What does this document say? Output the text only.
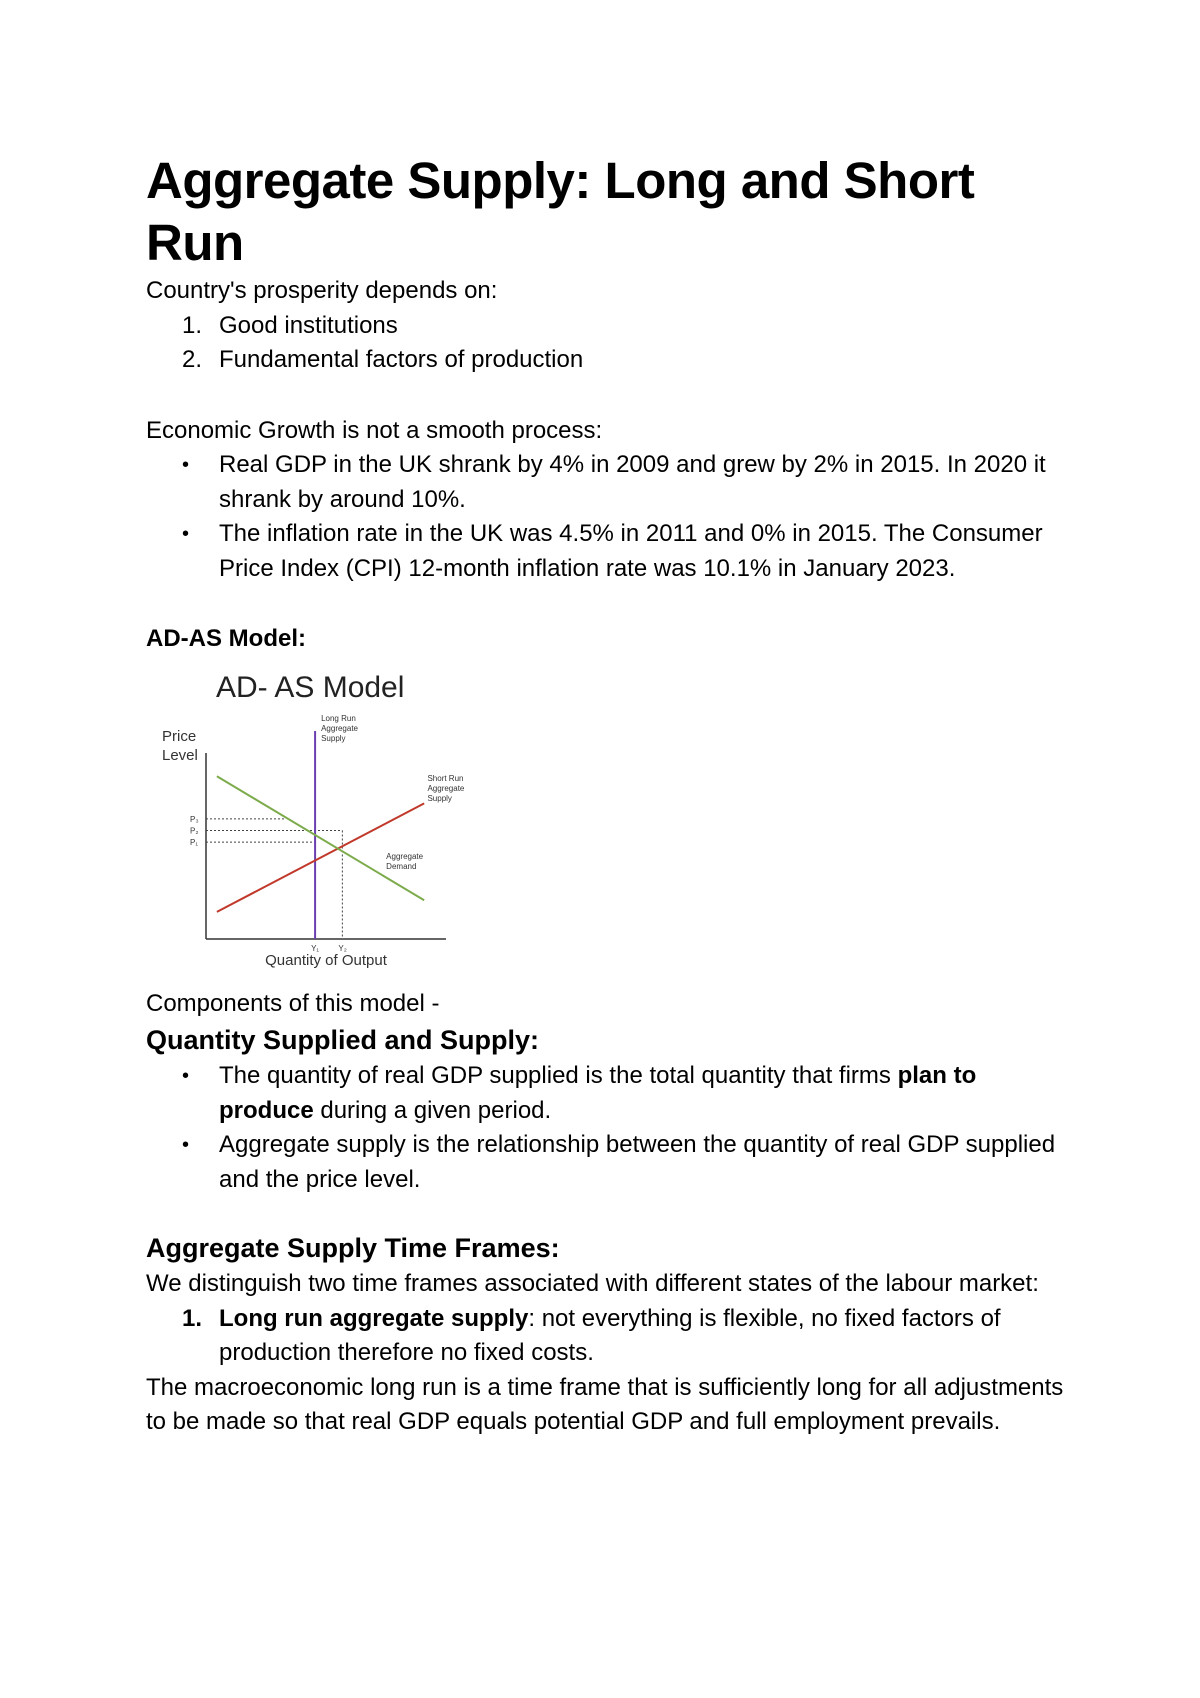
Aggregate Supply: Long and Short Run

Country's prosperity depends on:

1. Good institutions
2. Fundamental factors of production

Economic Growth is not a smooth process:

• Real GDP in the UK shrank by 4% in 2009 and grew by 2% in 2015. In 2020 it shrank by around 10%.
• The inflation rate in the UK was 4.5% in 2011 and 0% in 2015. The Consumer Price Index (CPI) 12-month inflation rate was 10.1% in January 2023.

AD-AS Model:

AD- AS Model
Price Level
Quantity of Output
P₁
P₂
P₃
Y₁ Y₂
Long Run Aggregate Supply
Short Run Aggregate Supply
Aggregate Demand

Components of this model -

Quantity Supplied and Supply:

• The quantity of real GDP supplied is the total quantity that firms plan to produce during a given period.
• Aggregate supply is the relationship between the quantity of real GDP supplied and the price level.

Aggregate Supply Time Frames:

We distinguish two time frames associated with different states of the labour market:

1. Long run aggregate supply: not everything is flexible, no fixed factors of production therefore no fixed costs.

The macroeconomic long run is a time frame that is sufficiently long for all adjustments to be made so that real GDP equals potential GDP and full employment prevails.
